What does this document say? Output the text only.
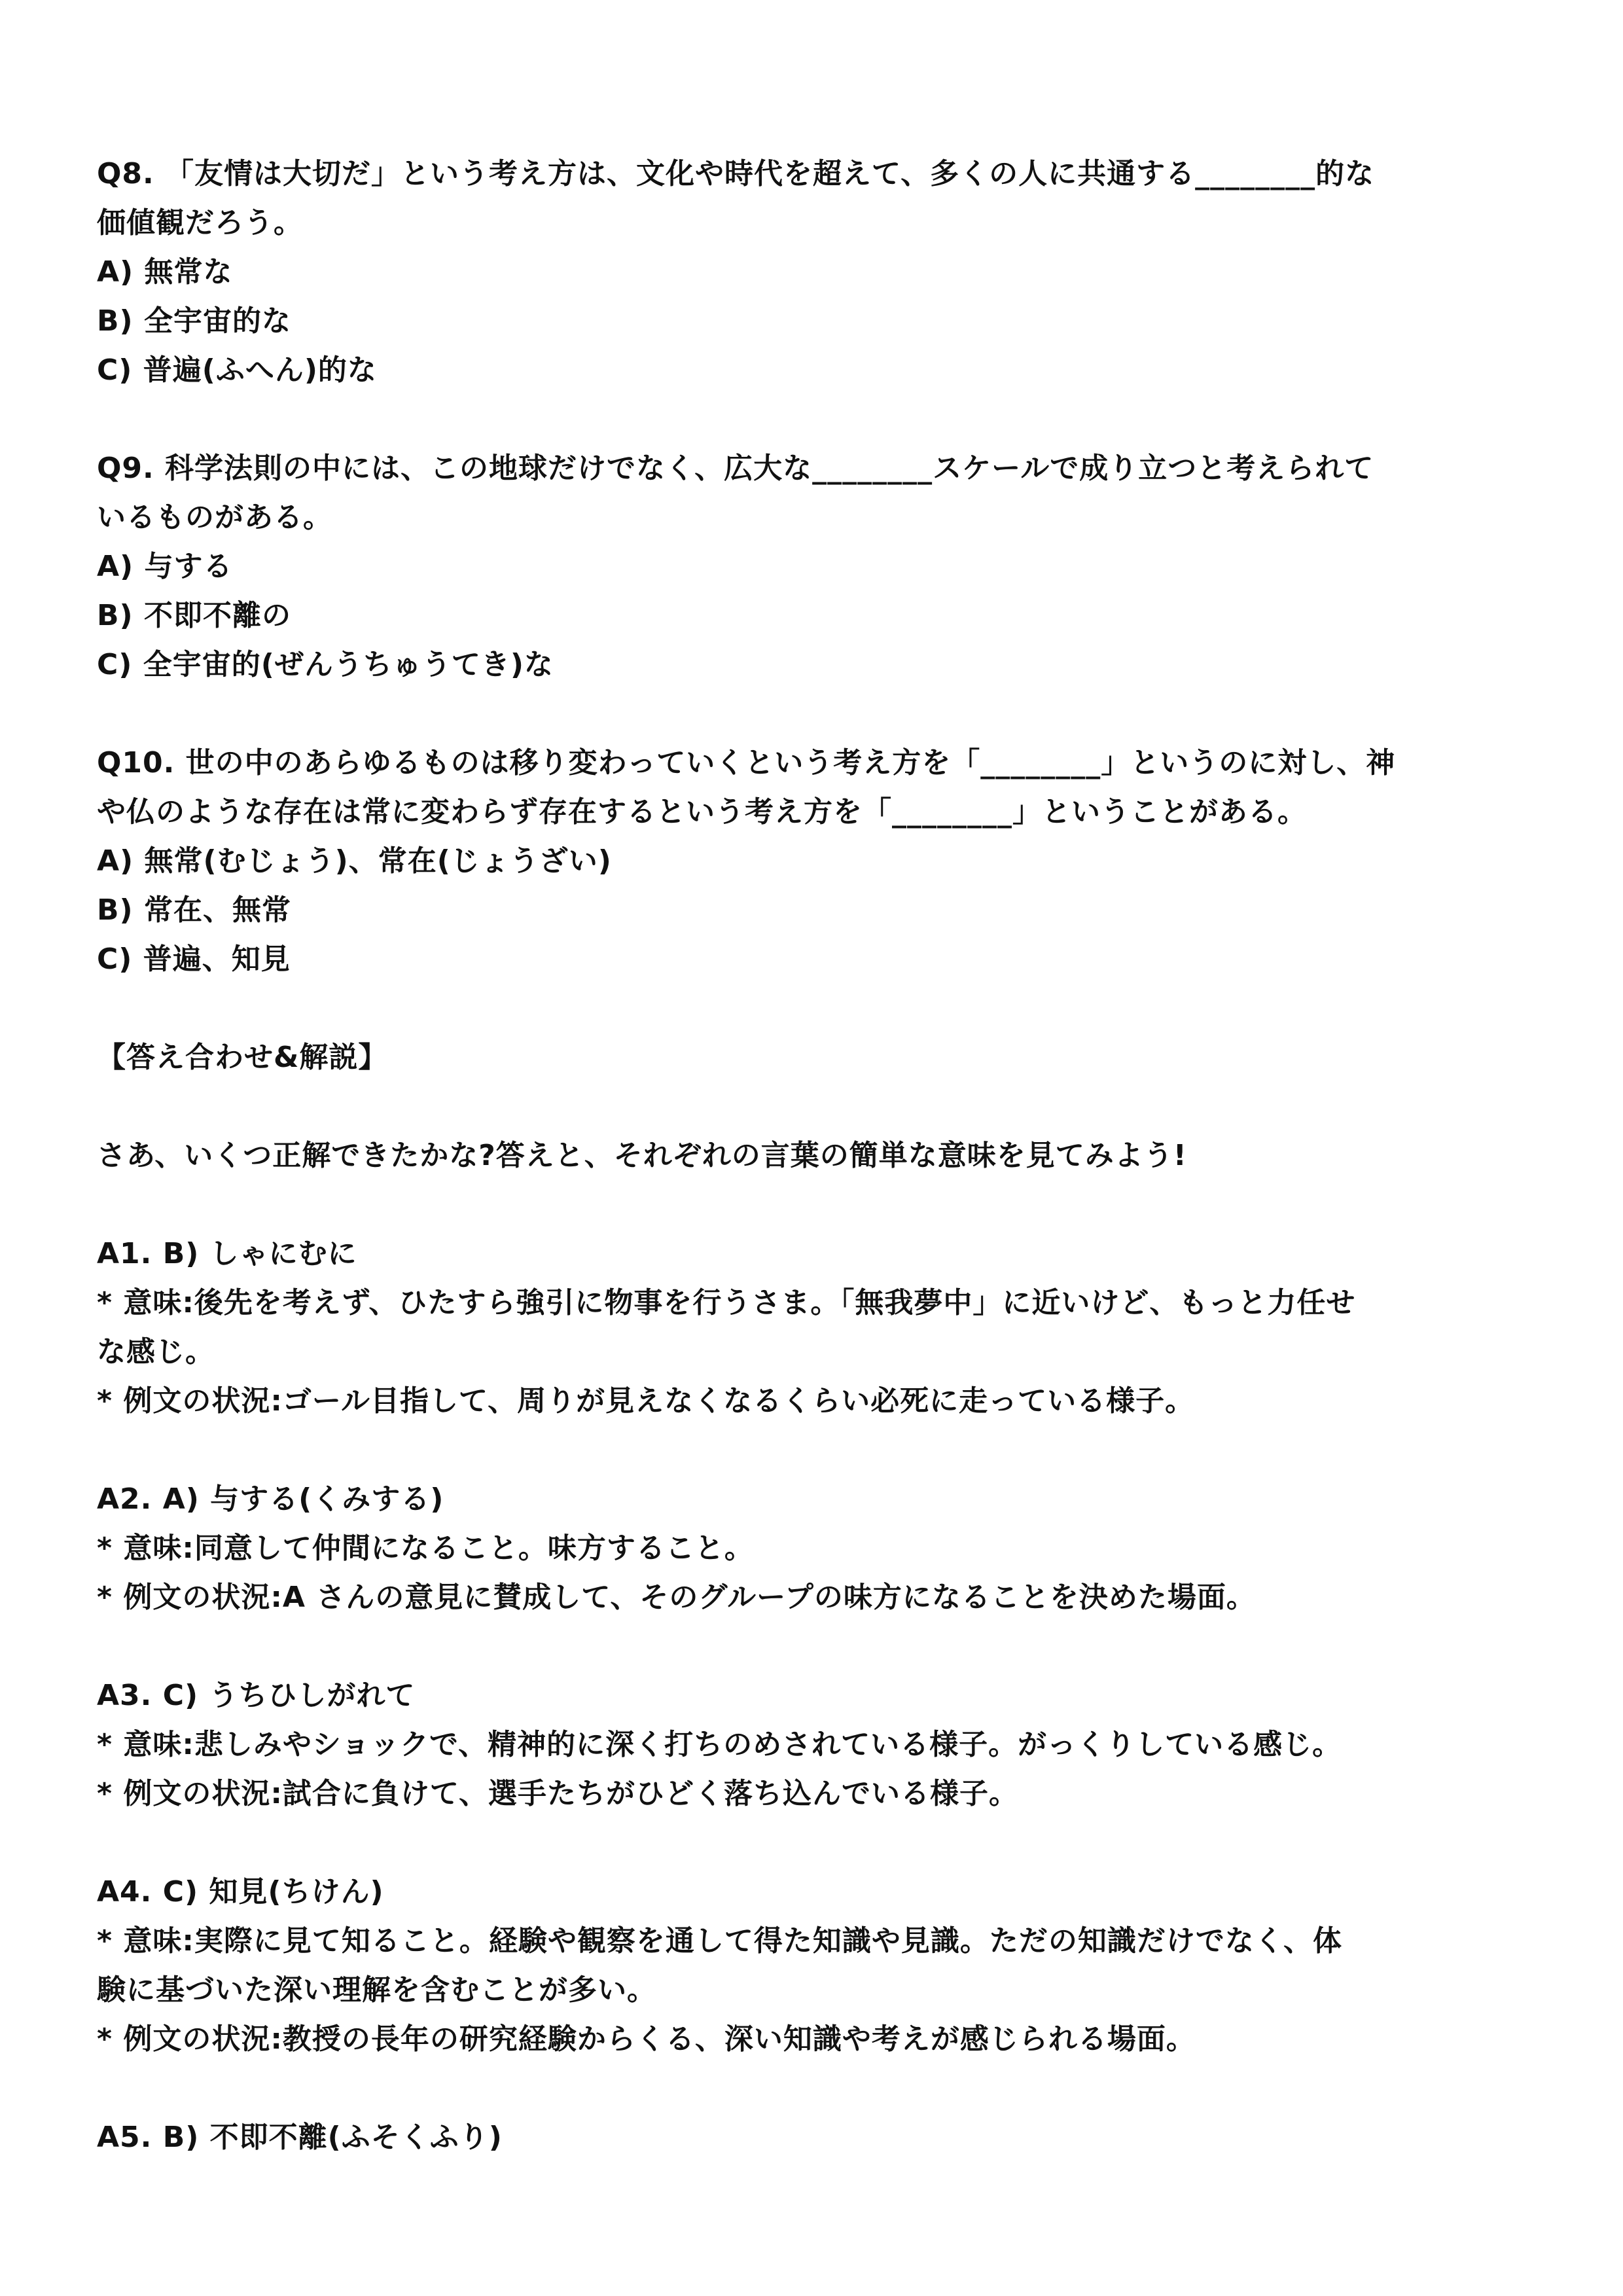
Q8. 「友情は大切だ」という考え方は、文化や時代を超えて、多くの人に共通する________的な
価値観だろう。
A) 無常な
B) 全宇宙的な
C) 普遍(ふへん)的な
Q9. 科学法則の中には、この地球だけでなく、広大な________スケールで成り立つと考えられて
いるものがある。
A) 与する
B) 不即不離の
C) 全宇宙的(ぜんうちゅうてき)な
Q10. 世の中のあらゆるものは移り変わっていくという考え方を「________」というのに対し、神
や仏のような存在は常に変わらず存在するという考え方を「________」ということがある。
A) 無常(むじょう)、常在(じょうざい)
B) 常在、無常
C) 普遍、知見
【答え合わせ&解説】
さあ、いくつ正解できたかな?答えと、それぞれの言葉の簡単な意味を見てみよう!
A1. B) しゃにむに
* 意味:後先を考えず、ひたすら強引に物事を行うさま。「無我夢中」に近いけど、もっと力任せ
な感じ。
* 例文の状況:ゴール目指して、周りが見えなくなるくらい必死に走っている様子。
A2. A) 与する(くみする)
* 意味:同意して仲間になること。味方すること。
* 例文の状況:A さんの意見に賛成して、そのグループの味方になることを決めた場面。
A3. C) うちひしがれて
* 意味:悲しみやショックで、精神的に深く打ちのめされている様子。がっくりしている感じ。
* 例文の状況:試合に負けて、選手たちがひどく落ち込んでいる様子。
A4. C) 知見(ちけん)
* 意味:実際に見て知ること。経験や観察を通して得た知識や見識。ただの知識だけでなく、体
験に基づいた深い理解を含むことが多い。
* 例文の状況:教授の長年の研究経験からくる、深い知識や考えが感じられる場面。
A5. B) 不即不離(ふそくふり)
